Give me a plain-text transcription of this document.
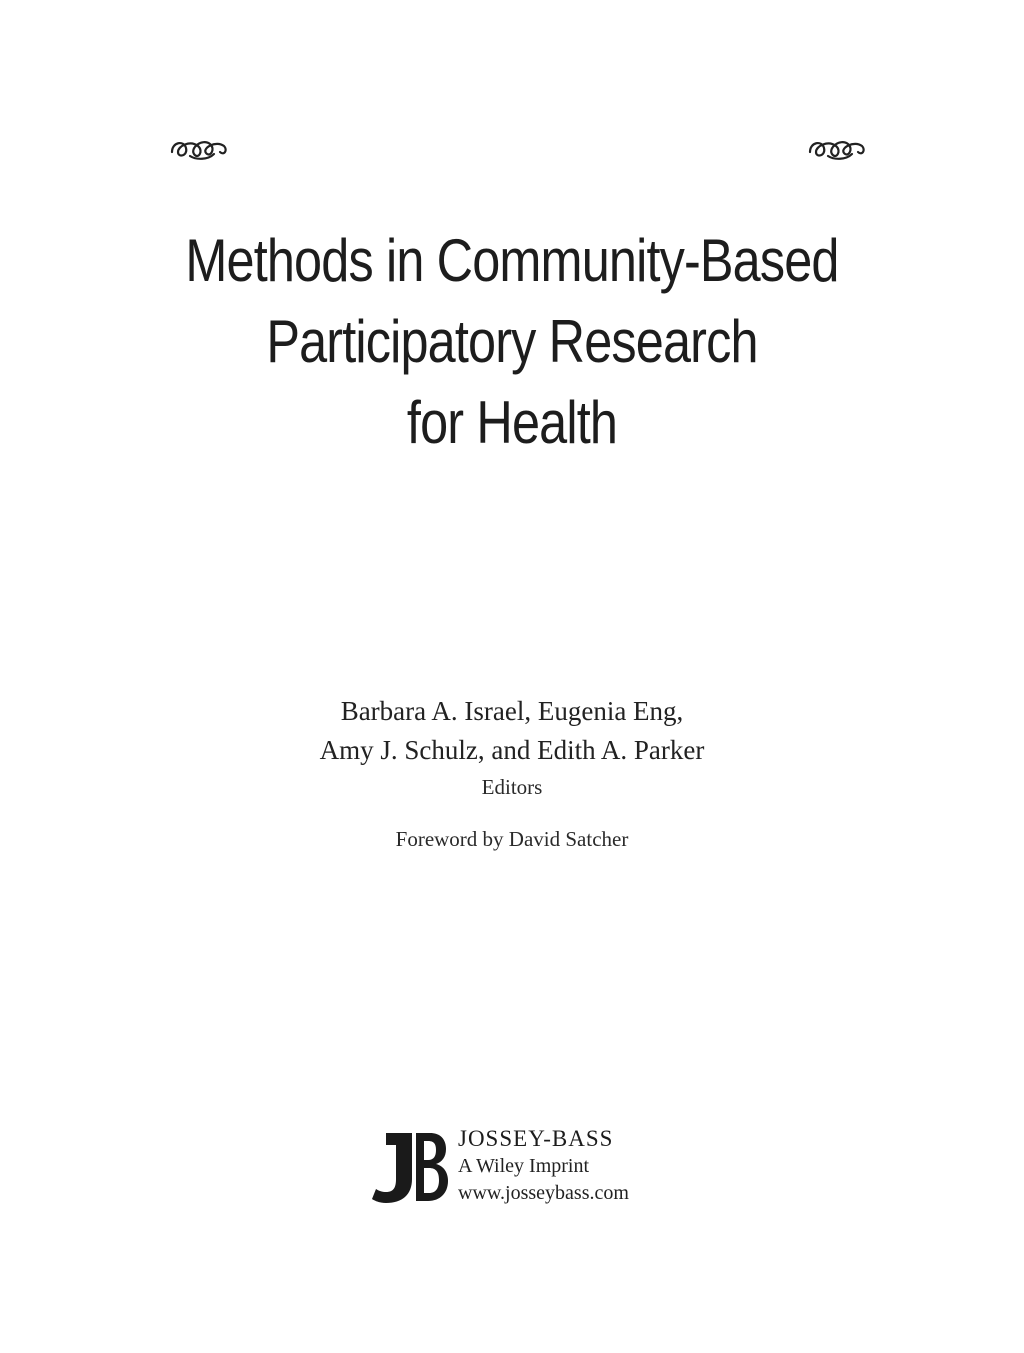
Methods in Community-Based
Participatory Research
for Health
Barbara A. Israel, Eugenia Eng,
Amy J. Schulz, and Edith A. Parker
Editors
Foreword by David Satcher
JOSSEY-BASS
A Wiley Imprint
www.josseybass.com
